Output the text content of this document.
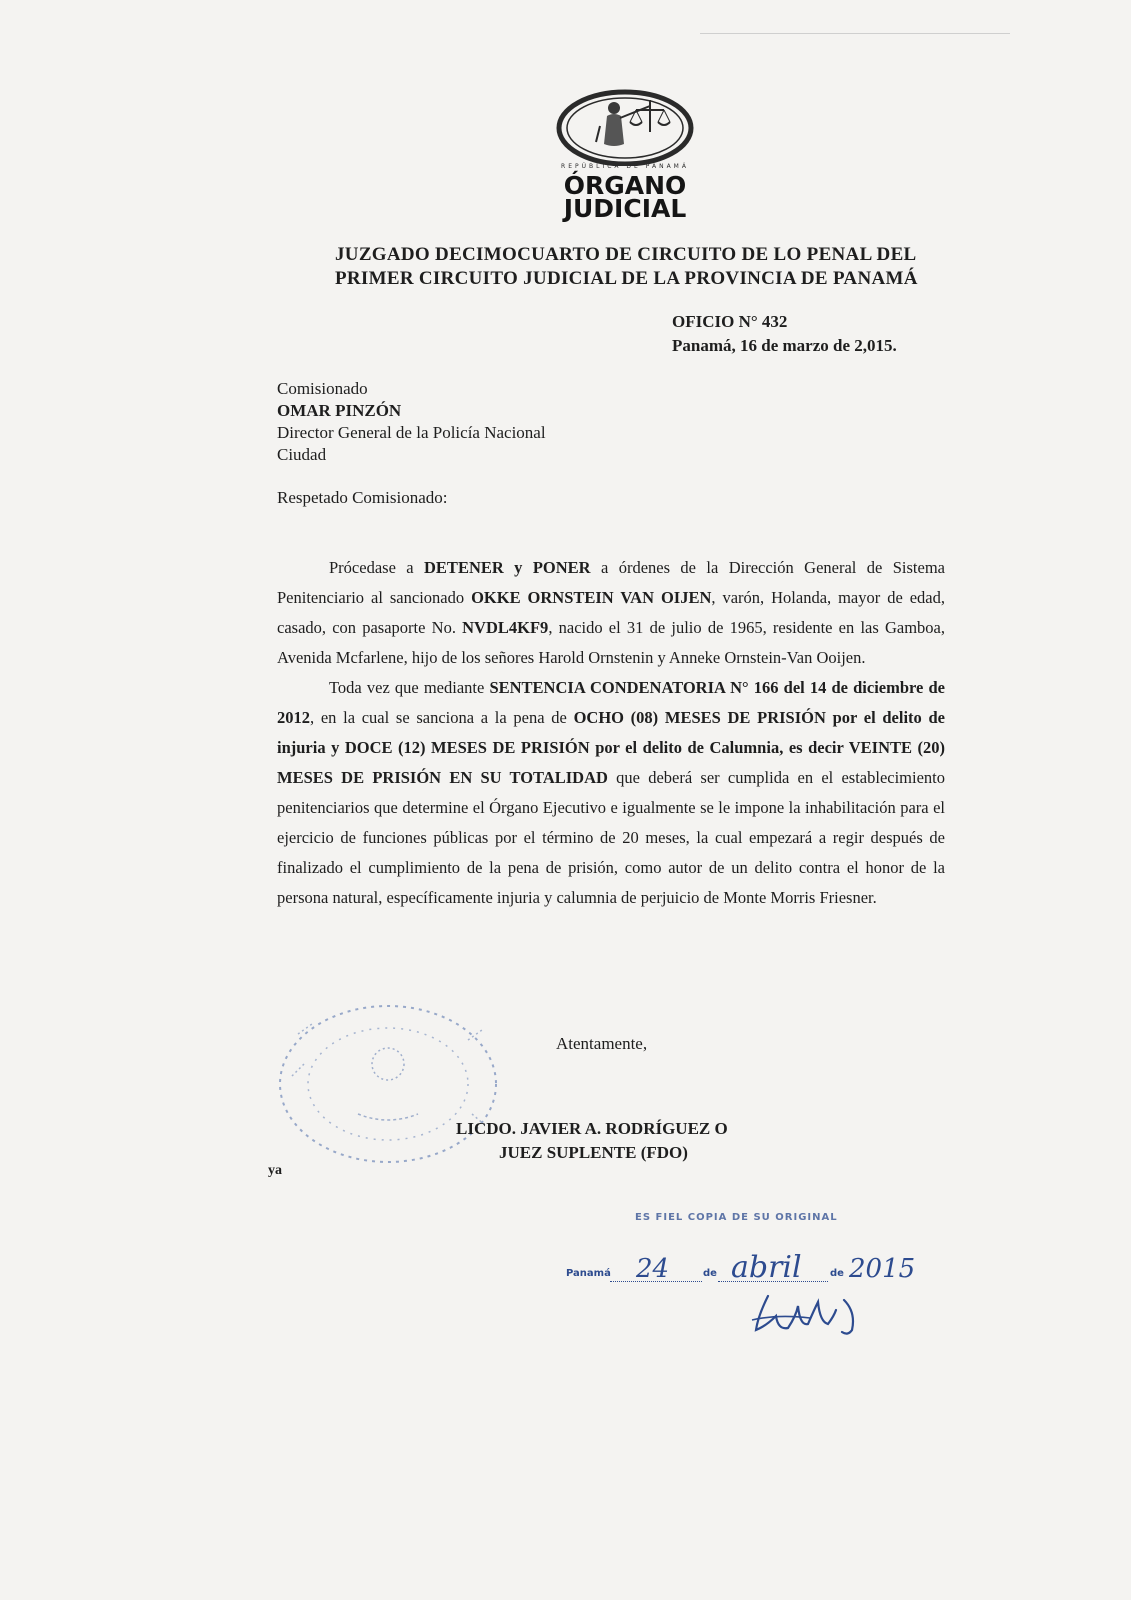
REPÚBLICA DE PANAMÁ
ÓRGANO
JUDICIAL
JUZGADO DECIMOCUARTO DE CIRCUITO DE LO PENAL DEL
PRIMER CIRCUITO JUDICIAL DE LA PROVINCIA DE PANAMÁ
OFICIO N° 432
Panamá, 16 de marzo de 2,015.
Comisionado
OMAR PINZÓN
Director General de la Policía Nacional
Ciudad
Respetado Comisionado:

Prócedase a DETENER y PONER a órdenes de la Dirección General de Sistema Penitenciario al sancionado OKKE ORNSTEIN VAN OIJEN, varón, Holanda, mayor de edad, casado, con pasaporte No. NVDL4KF9, nacido el 31 de julio de 1965, residente en las Gamboa, Avenida Mcfarlene, hijo de los señores Harold Ornstenin y Anneke Ornstein-Van Ooijen.

Toda vez que mediante SENTENCIA CONDENATORIA N° 166 del 14 de diciembre de 2012, en la cual se sanciona a la pena de OCHO (08) MESES DE PRISIÓN por el delito de injuria y DOCE (12) MESES DE PRISIÓN por el delito de Calumnia, es decir VEINTE (20) MESES DE PRISIÓN EN SU TOTALIDAD que deberá ser cumplida en el establecimiento penitenciarios que determine el Órgano Ejecutivo e igualmente se le impone la inhabilitación para el ejercicio de funciones públicas por el término de 20 meses, la cual empezará a regir después de finalizado el cumplimiento de la pena de prisión, como autor de un delito contra el honor de la persona natural, específicamente injuria y calumnia de perjuicio de Monte Morris Friesner.

Atentamente,
LICDO. JAVIER A. RODRÍGUEZ O
JUEZ SUPLENTE (FDO)
ya
ES FIEL COPIA DE SU ORIGINAL
Panamá 24	de abril	de 2015
